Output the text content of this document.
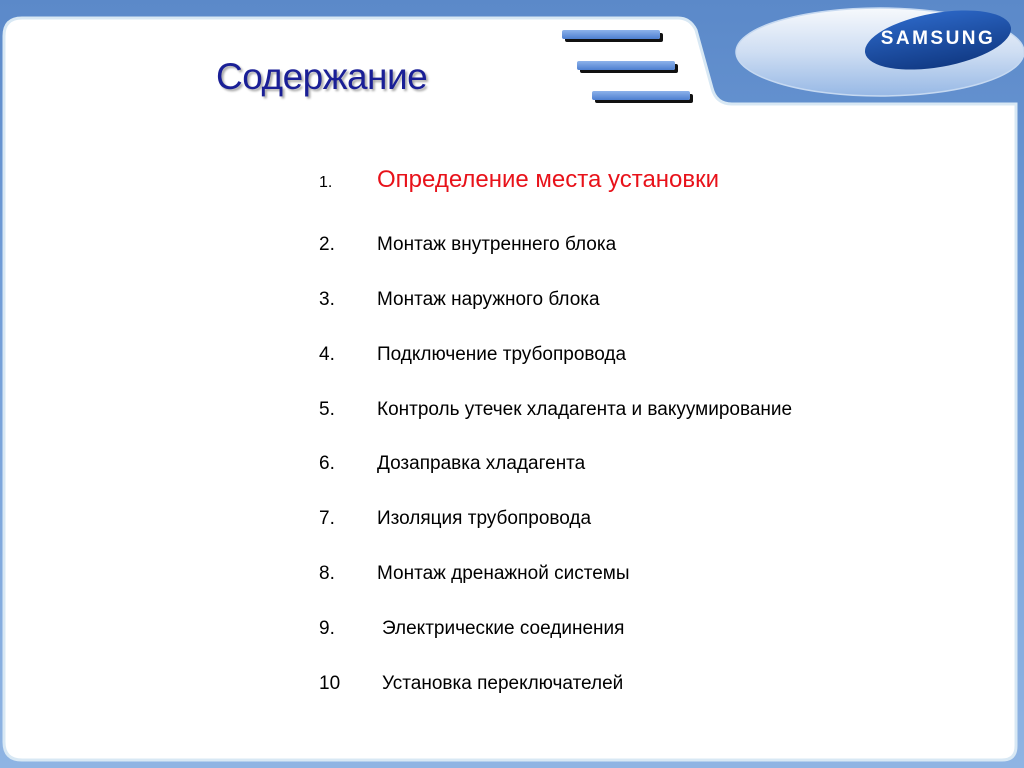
SAMSUNG
Содержание
1. Определение места установки
2. Монтаж внутреннего блока
3. Монтаж наружного блока
4. Подключение трубопровода
5. Контроль утечек хладагента и вакуумирование
6. Дозаправка хладагента
7. Изоляция трубопровода
8. Монтаж дренажной системы
9. Электрические соединения
10 Установка переключателей
